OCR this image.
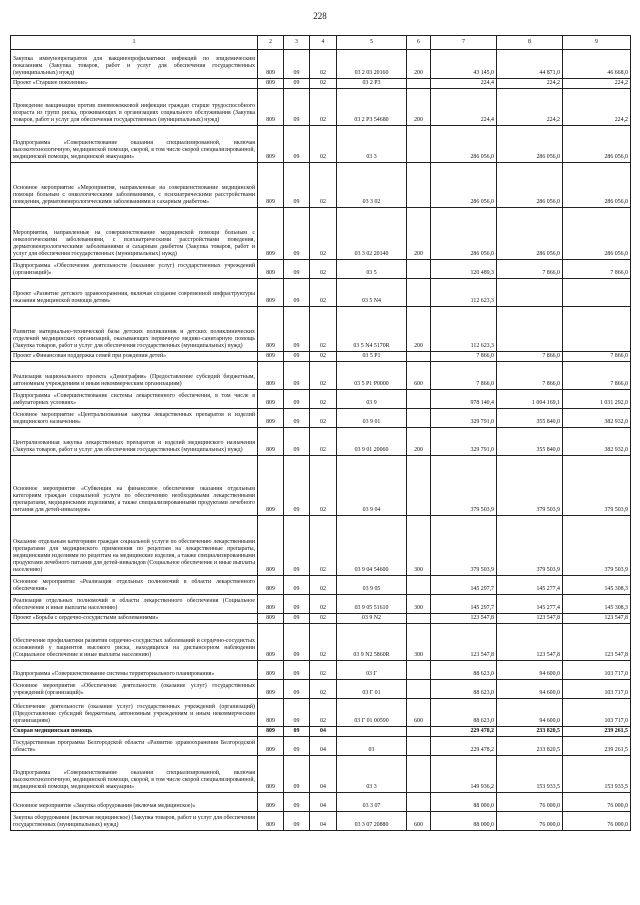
228
1	2	3	4	5	6	7	8	9
Закупка иммунопрепаратов для вакцинопрофилактики инфекций по эпидемическим показаниям (Закупка товаров, работ и услуг для обеспечения государственных (муниципальных) нужд)	809	09	02	03 2 03 20160	200	43 145,0	44 871,0	46 668,0
Проект «Старшее поколение»	809	09	02	03 2 Р3		224,4	224,2	224,2
Проведение вакцинации против пневмококковой инфекции граждан старше трудоспособного возраста из групп риска, проживающих в организациях социального обслуживания (Закупка товаров, работ и услуг для обеспечения государственных (муниципальных) нужд)	809	09	02	03 2 Р3 54680	200	224,4	224,2	224,2
Подпрограмма «Совершенствование оказания специализированной, включая высокотехнологичную, медицинской помощи, скорой, в том числе скорой специализированной, медицинской помощи, медицинской эвакуации»	809	09	02	03 3		286 056,0	286 056,0	286 056,0
Основное мероприятие «Мероприятия, направленные на совершенствование медицинской помощи больным с онкологическими заболеваниями, с психиатрическими расстройствами поведения, дерматовенерологическими заболеваниями и сахарным диабетом»	809	09	02	03 3 02		286 056,0	286 056,0	286 056,0
Мероприятия, направленные на совершенствование медицинской помощи больным с онкологическими заболеваниями, с психиатрическими расстройствами поведения, дерматовенерологическими заболеваниями и сахарным диабетом (Закупка товаров, работ и услуг для обеспечения государственных (муниципальных) нужд)	809	09	02	03 3 02 20140	200	286 056,0	286 056,0	286 056,0
Подпрограмма «Обеспечение деятельности (оказание услуг) государственных учреждений (организаций)»	809	09	02	03 5		120 489,3	7 866,0	7 866,0
Проект «Развитие детского здравоохранения, включая создание современной инфраструктуры оказания медицинской помощи детям»	809	09	02	03 5 N4		112 623,3		
Развитие материально-технической базы детских поликлиник и детских поликлинических отделений медицинских организаций, оказывающих первичную медико-санитарную помощь (Закупка товаров, работ и услуг для обеспечения государственных (муниципальных) нужд)	809	09	02	03 5 N4 5170R	200	112 623,3		
Проект «Финансовая поддержка семей при рождении детей»	809	09	02	03 5 Р1		7 866,0	7 866,0	7 866,0
Реализация национального проекта «Демография» (Предоставление субсидий бюджетным, автономным учреждениям и иным некоммерческим организациям)	809	09	02	03 5 Р1 Р0000	600	7 866,0	7 866,0	7 866,0
Подпрограмма «Совершенствование системы лекарственного обеспечения, в том числе в амбулаторных условиях»	809	09	02	03 9		978 140,4	1 004 169,1	1 031 292,0
Основное мероприятие «Централизованная закупка лекарственных препаратов и изделий медицинского назначения»	809	09	02	03 9 01		329 791,0	355 840,0	382 932,0
Централизованная закупка лекарственных препаратов и изделий медицинского назначения (Закупка товаров, работ и услуг для обеспечения государственных (муниципальных) нужд)	809	09	02	03 9 01 20060	200	329 791,0	355 840,0	382 932,0
Основное мероприятие «Субвенция на финансовое обеспечение оказания отдельным категориям граждан социальной услуги по обеспечению необходимыми лекарственными препаратами, медицинскими изделиями, а также специализированными продуктами лечебного питания для детей-инвалидов»	809	09	02	03 9 04		379 503,9	379 503,9	379 503,9
Оказание отдельным категориям граждан социальной услуги по обеспечению лекарственными препаратами для медицинского применения по рецептам на лекарственные препараты, медицинскими изделиями по рецептам на медицинские изделия, а также специализированными продуктами лечебного питания для детей-инвалидов (Социальное обеспечение и иные выплаты населению)	809	09	02	03 9 04 54600	300	379 503,9	379 503,9	379 503,9
Основное мероприятие «Реализация отдельных полномочий в области лекарственного обеспечения»	809	09	02	03 9 05		145 297,7	145 277,4	145 308,3
Реализация отдельных полномочий в области лекарственного обеспечения (Социальное обеспечение и иные выплаты населению)	809	09	02	03 9 05 51610	300	145 297,7	145 277,4	145 308,3
Проект «Борьба с сердечно-сосудистыми заболеваниями»	809	09	02	03 9 N2		123 547,8	123 547,8	123 547,8
Обеспечение профилактики развития сердечно-сосудистых заболеваний и сердечно-сосудистых осложнений у пациентов высокого риска, находящихся на диспансерном наблюдении (Социальное обеспечение и иные выплаты населению)	809	09	02	03 9 N2 5860R	300	123 547,8	123 547,8	123 547,8
Подпрограмма «Совершенствование системы территориального планирования»	809	09	02	03 Г		88 623,0	94 600,0	103 717,0
Основное мероприятие «Обеспечение деятельности (оказание услуг) государственных учреждений (организаций)»	809	09	02	03 Г 01		88 623,0	94 600,0	103 717,0
Обеспечение деятельности (оказание услуг) государственных учреждений (организаций) (Предоставление субсидий бюджетным, автономным учреждениям и иным некоммерческим организациям)	809	09	02	03 Г 01 00590	600	88 623,0	94 600,0	103 717,0
Скорая медицинская помощь	809	09	04			229 478,2	233 820,5	239 261,5
Государственная программа Белгородской области «Развитие здравоохранения Белгородской области»	809	09	04	03		229 478,2	233 820,5	239 261,5
Подпрограмма «Совершенствование оказания специализированной, включая высокотехнологичную, медицинской помощи, скорой, в том числе скорой специализированной, медицинской помощи, медицинской эвакуации»	809	09	04	03 3		149 936,2	153 933,5	153 933,5
Основное мероприятие «Закупка оборудования (включая медицинское)»	809	09	04	03 3 07		88 000,0	76 000,0	76 000,0
Закупка оборудования (включая медицинское) (Закупка товаров, работ и услуг для обеспечения государственных (муниципальных) нужд)	809	09	04	03 3 07 20880	600	88 000,0	76 000,0	76 000,0
